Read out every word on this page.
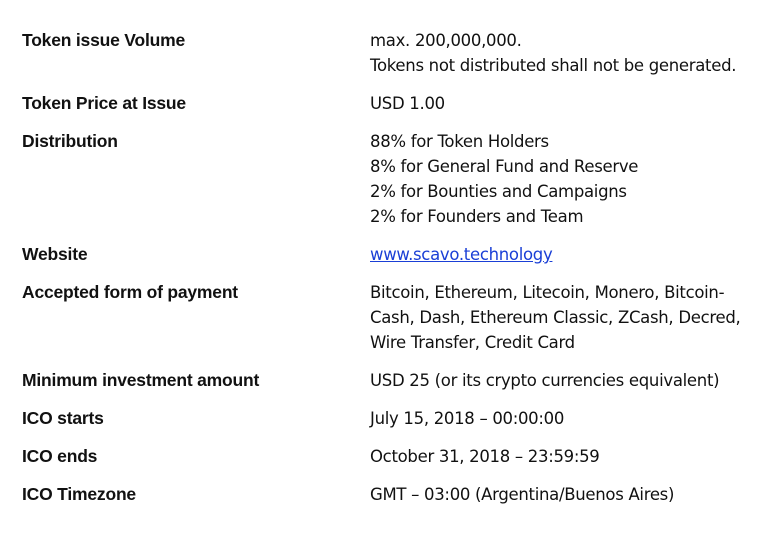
Token issue Volume	max. 200,000,000.
Tokens not distributed shall not be generated.
Token Price at Issue	USD 1.00
Distribution	88% for Token Holders
8% for General Fund and Reserve
2% for Bounties and Campaigns
2% for Founders and Team
Website	www.scavo.technology
Accepted form of payment	Bitcoin, Ethereum, Litecoin, Monero, Bitcoin-
Cash, Dash, Ethereum Classic, ZCash, Decred,
Wire Transfer, Credit Card
Minimum investment amount	USD 25 (or its crypto currencies equivalent)
ICO starts	July 15, 2018 – 00:00:00
ICO ends	October 31, 2018 – 23:59:59
ICO Timezone	GMT – 03:00 (Argentina/Buenos Aires)
